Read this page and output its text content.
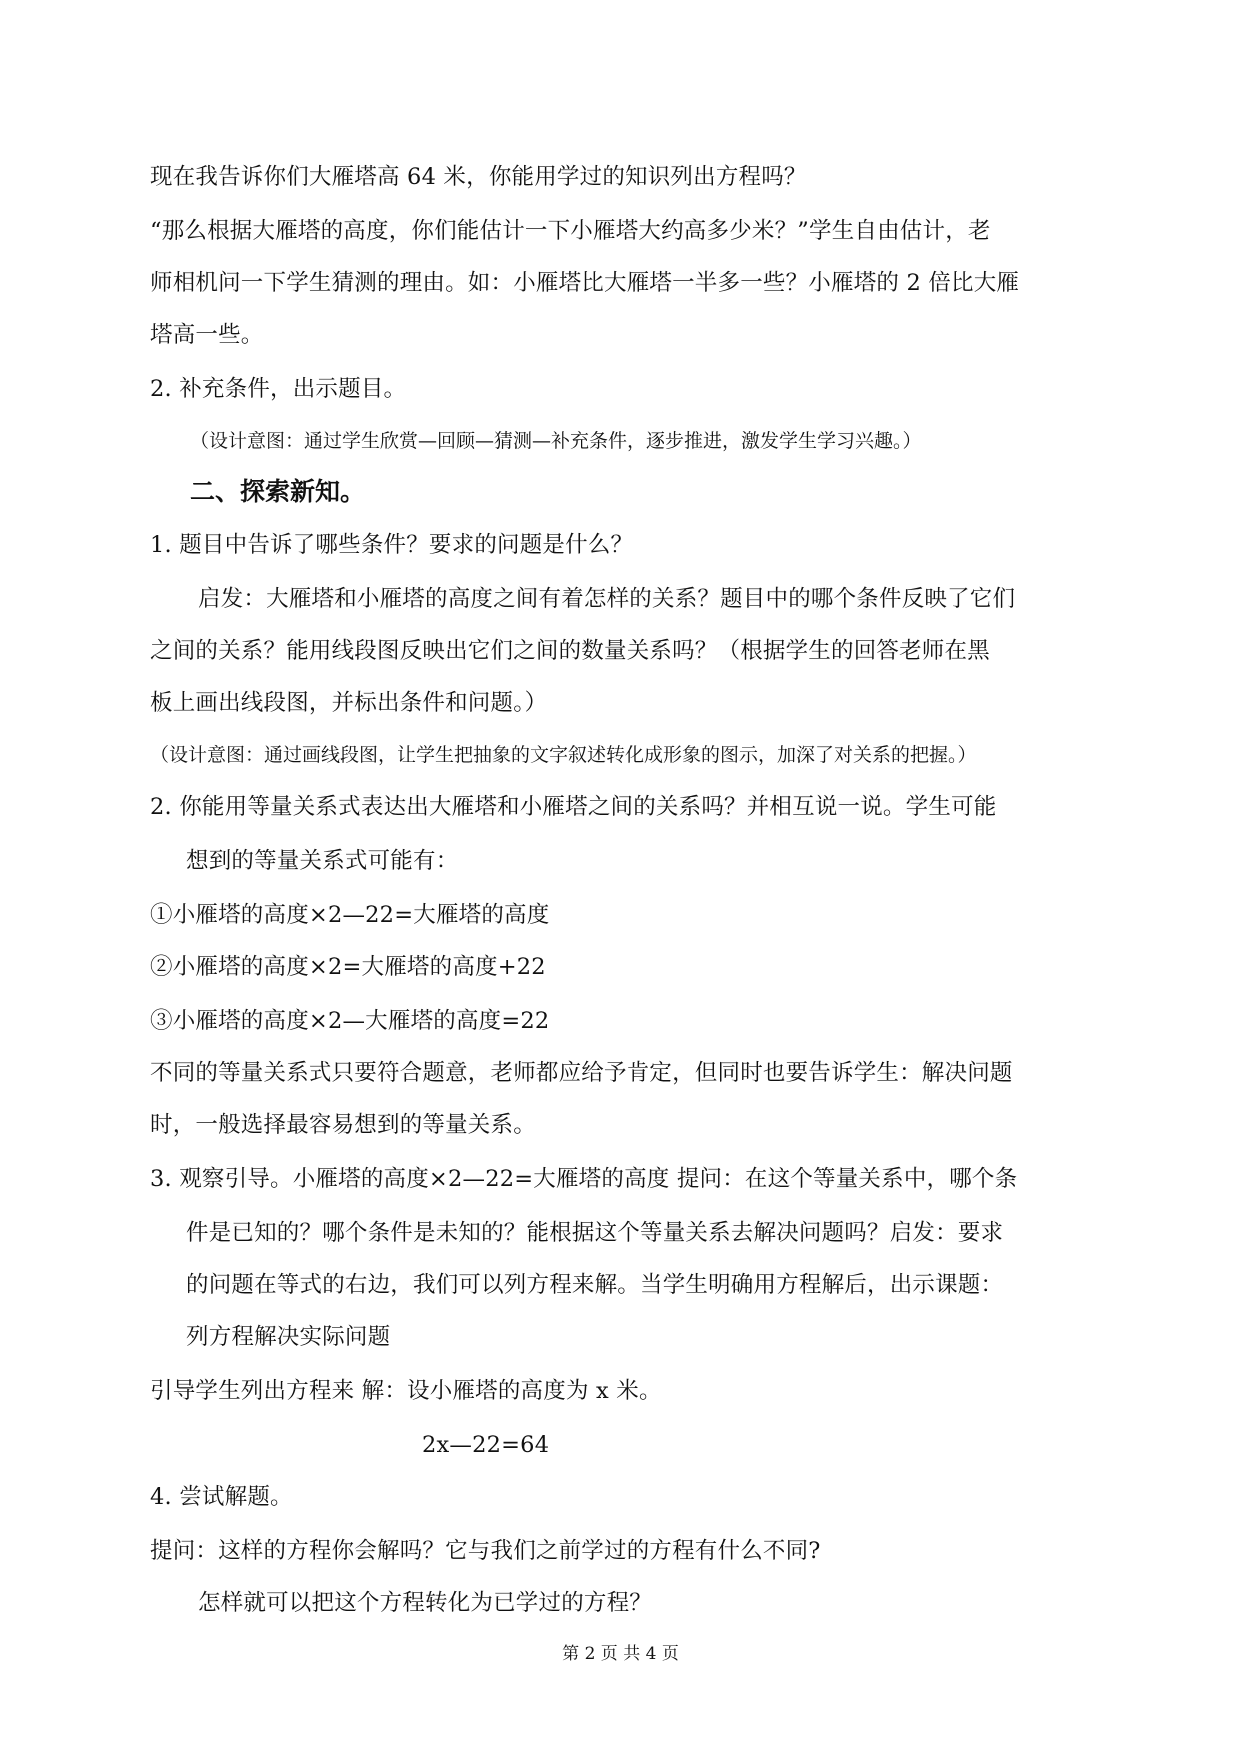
现在我告诉你们大雁塔高 64 米，你能用学过的知识列出方程吗？
“那么根据大雁塔的高度，你们能估计一下小雁塔大约高多少米？”学生自由估计，老
师相机问一下学生猜测的理由。如：小雁塔比大雁塔一半多一些？小雁塔的 2 倍比大雁
塔高一些。
2. 补充条件，出示题目。
（设计意图：通过学生欣赏—回顾—猜测—补充条件，逐步推进，激发学生学习兴趣。）
二、探索新知。
1. 题目中告诉了哪些条件？要求的问题是什么？
启发：大雁塔和小雁塔的高度之间有着怎样的关系？题目中的哪个条件反映了它们
之间的关系？能用线段图反映出它们之间的数量关系吗？（根据学生的回答老师在黑
板上画出线段图，并标出条件和问题。）
（设计意图：通过画线段图，让学生把抽象的文字叙述转化成形象的图示，加深了对关系的把握。）
2. 你能用等量关系式表达出大雁塔和小雁塔之间的关系吗？并相互说一说。学生可能
想到的等量关系式可能有：
①小雁塔的高度×2—22=大雁塔的高度
②小雁塔的高度×2=大雁塔的高度+22
③小雁塔的高度×2—大雁塔的高度=22
不同的等量关系式只要符合题意，老师都应给予肯定，但同时也要告诉学生：解决问题
时，一般选择最容易想到的等量关系。
3. 观察引导。小雁塔的高度×2—22=大雁塔的高度 提问：在这个等量关系中，哪个条
件是已知的？哪个条件是未知的？能根据这个等量关系去解决问题吗？启发：要求
的问题在等式的右边，我们可以列方程来解。当学生明确用方程解后，出示课题：
列方程解决实际问题
引导学生列出方程来 解：设小雁塔的高度为 x 米。
2x—22=64
4. 尝试解题。
提问：这样的方程你会解吗？它与我们之前学过的方程有什么不同?
怎样就可以把这个方程转化为已学过的方程？
第 2 页 共 4 页
